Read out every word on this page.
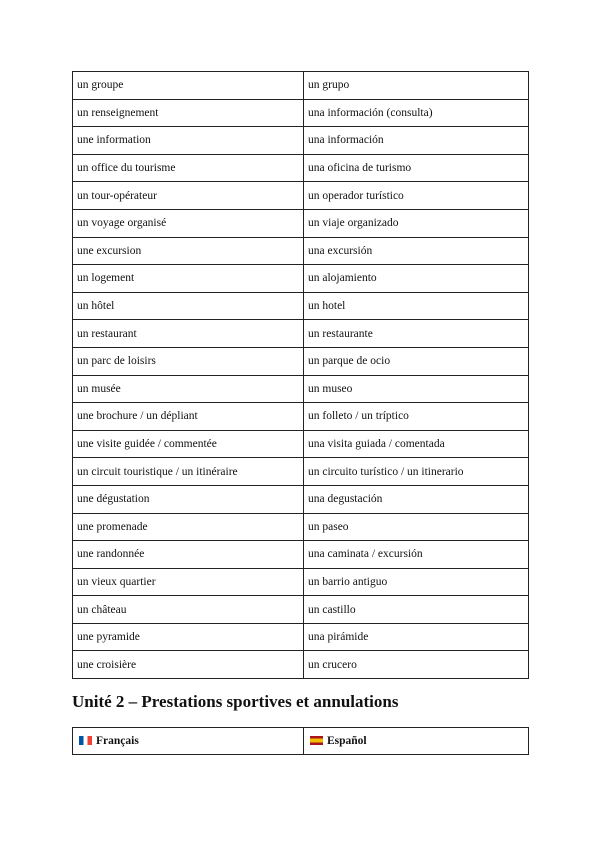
un groupe	un grupo
un renseignement	una información (consulta)
une information	una información
un office du tourisme	una oficina de turismo
un tour-opérateur	un operador turístico
un voyage organisé	un viaje organizado
une excursion	una excursión
un logement	un alojamiento
un hôtel	un hotel
un restaurant	un restaurante
un parc de loisirs	un parque de ocio
un musée	un museo
une brochure / un dépliant	un folleto / un tríptico
une visite guidée / commentée	una visita guiada / comentada
un circuit touristique / un itinéraire	un circuito turístico / un itinerario
une dégustation	una degustación
une promenade	un paseo
une randonnée	una caminata / excursión
un vieux quartier	un barrio antiguo
un château	un castillo
une pyramide	una pirámide
une croisière	un crucero
Unité 2 – Prestations sportives et annulations
Français	Español
